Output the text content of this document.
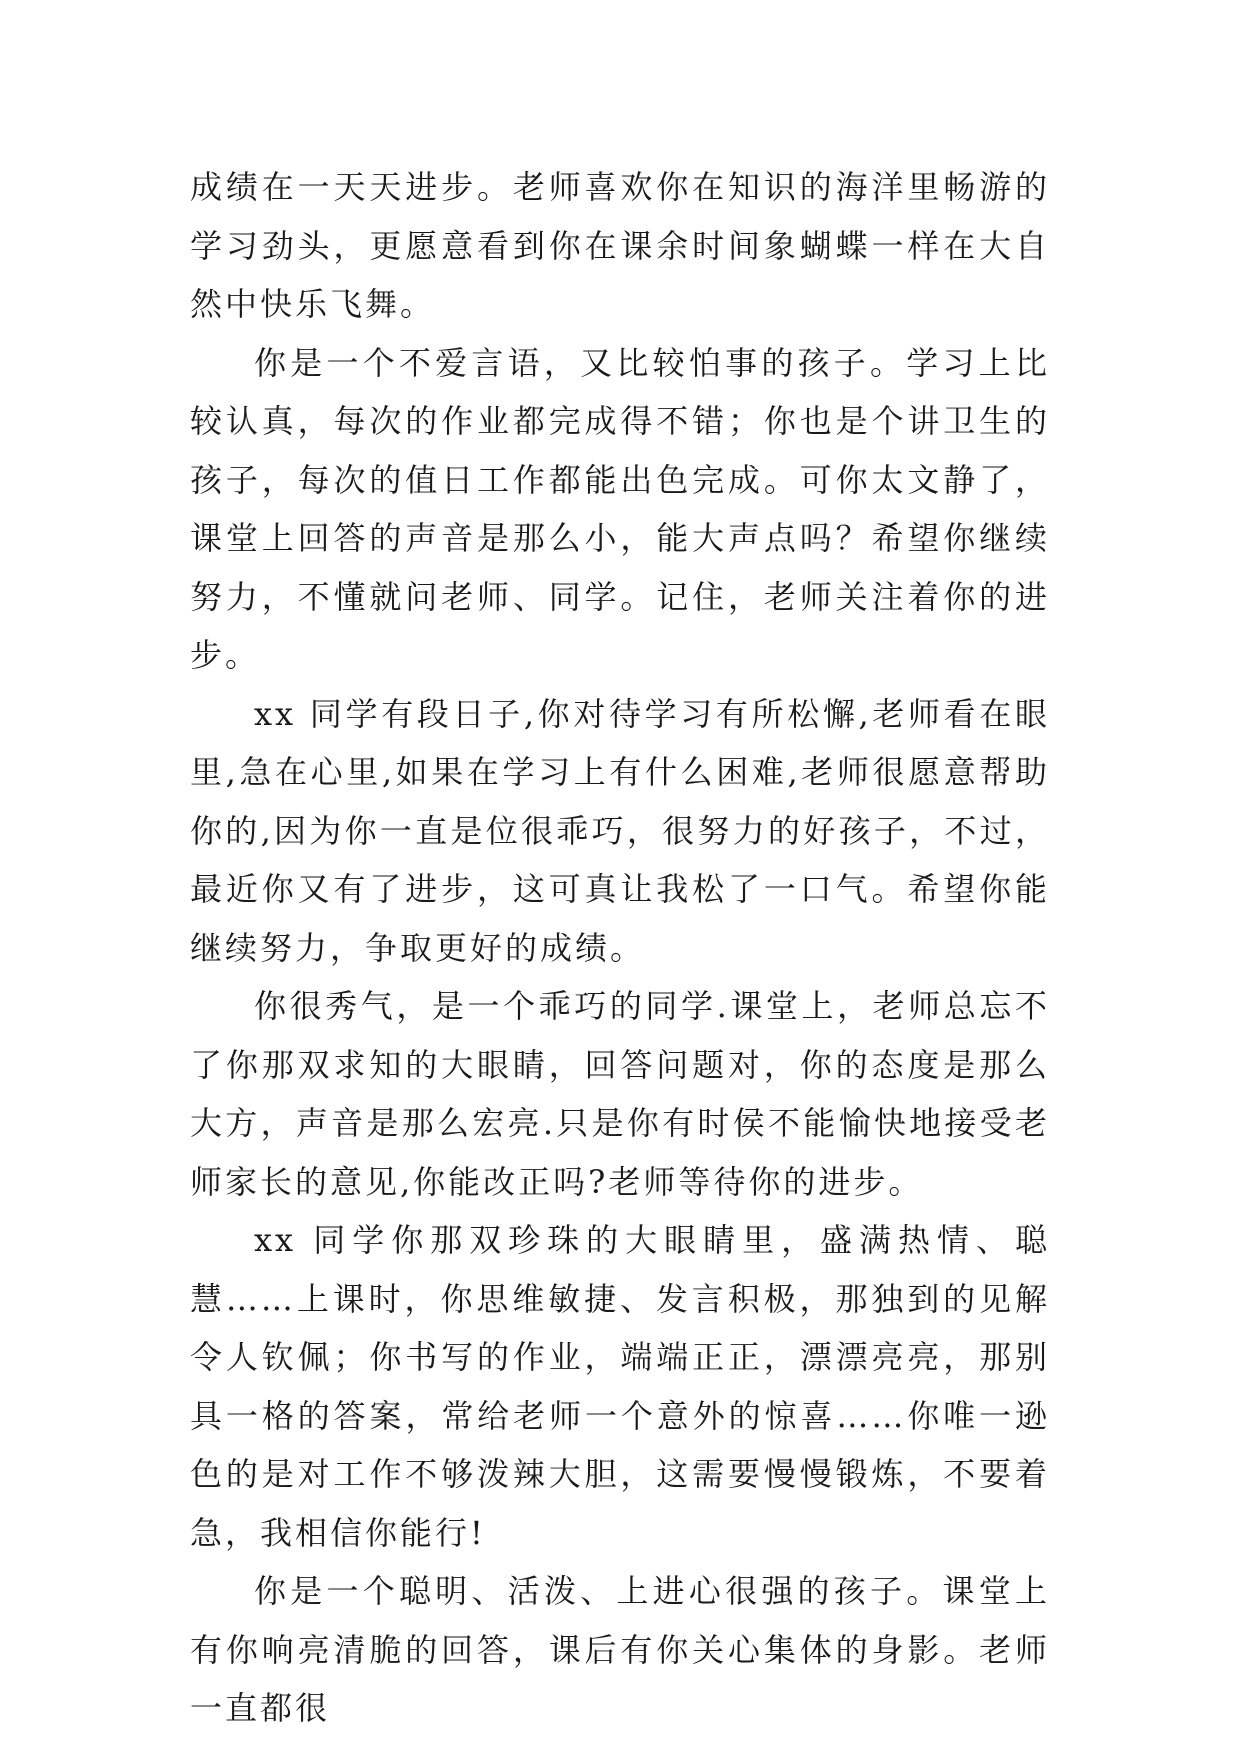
成绩在一天天进步。老师喜欢你在知识的海洋里畅游的学习劲头，更愿意看到你在课余时间象蝴蝶一样在大自然中快乐飞舞。

你是一个不爱言语，又比较怕事的孩子。学习上比较认真，每次的作业都完成得不错；你也是个讲卫生的孩子，每次的值日工作都能出色完成。可你太文静了，课堂上回答的声音是那么小，能大声点吗？希望你继续努力，不懂就问老师、同学。记住，老师关注着你的进步。

xx 同学有段日子,你对待学习有所松懈,老师看在眼里,急在心里,如果在学习上有什么困难,老师很愿意帮助你的,因为你一直是位很乖巧，很努力的好孩子，不过，最近你又有了进步，这可真让我松了一口气。希望你能继续努力，争取更好的成绩。

你很秀气，是一个乖巧的同学.课堂上，老师总忘不了你那双求知的大眼睛，回答问题对，你的态度是那么大方，声音是那么宏亮.只是你有时侯不能愉快地接受老师家长的意见,你能改正吗?老师等待你的进步。

xx 同学你那双珍珠的大眼睛里，盛满热情、聪慧……上课时，你思维敏捷、发言积极，那独到的见解令人钦佩；你书写的作业，端端正正，漂漂亮亮，那别具一格的答案，常给老师一个意外的惊喜……你唯一逊色的是对工作不够泼辣大胆，这需要慢慢锻炼，不要着急，我相信你能行!

你是一个聪明、活泼、上进心很强的孩子。课堂上有你响亮清脆的回答，课后有你关心集体的身影。老师一直都很
